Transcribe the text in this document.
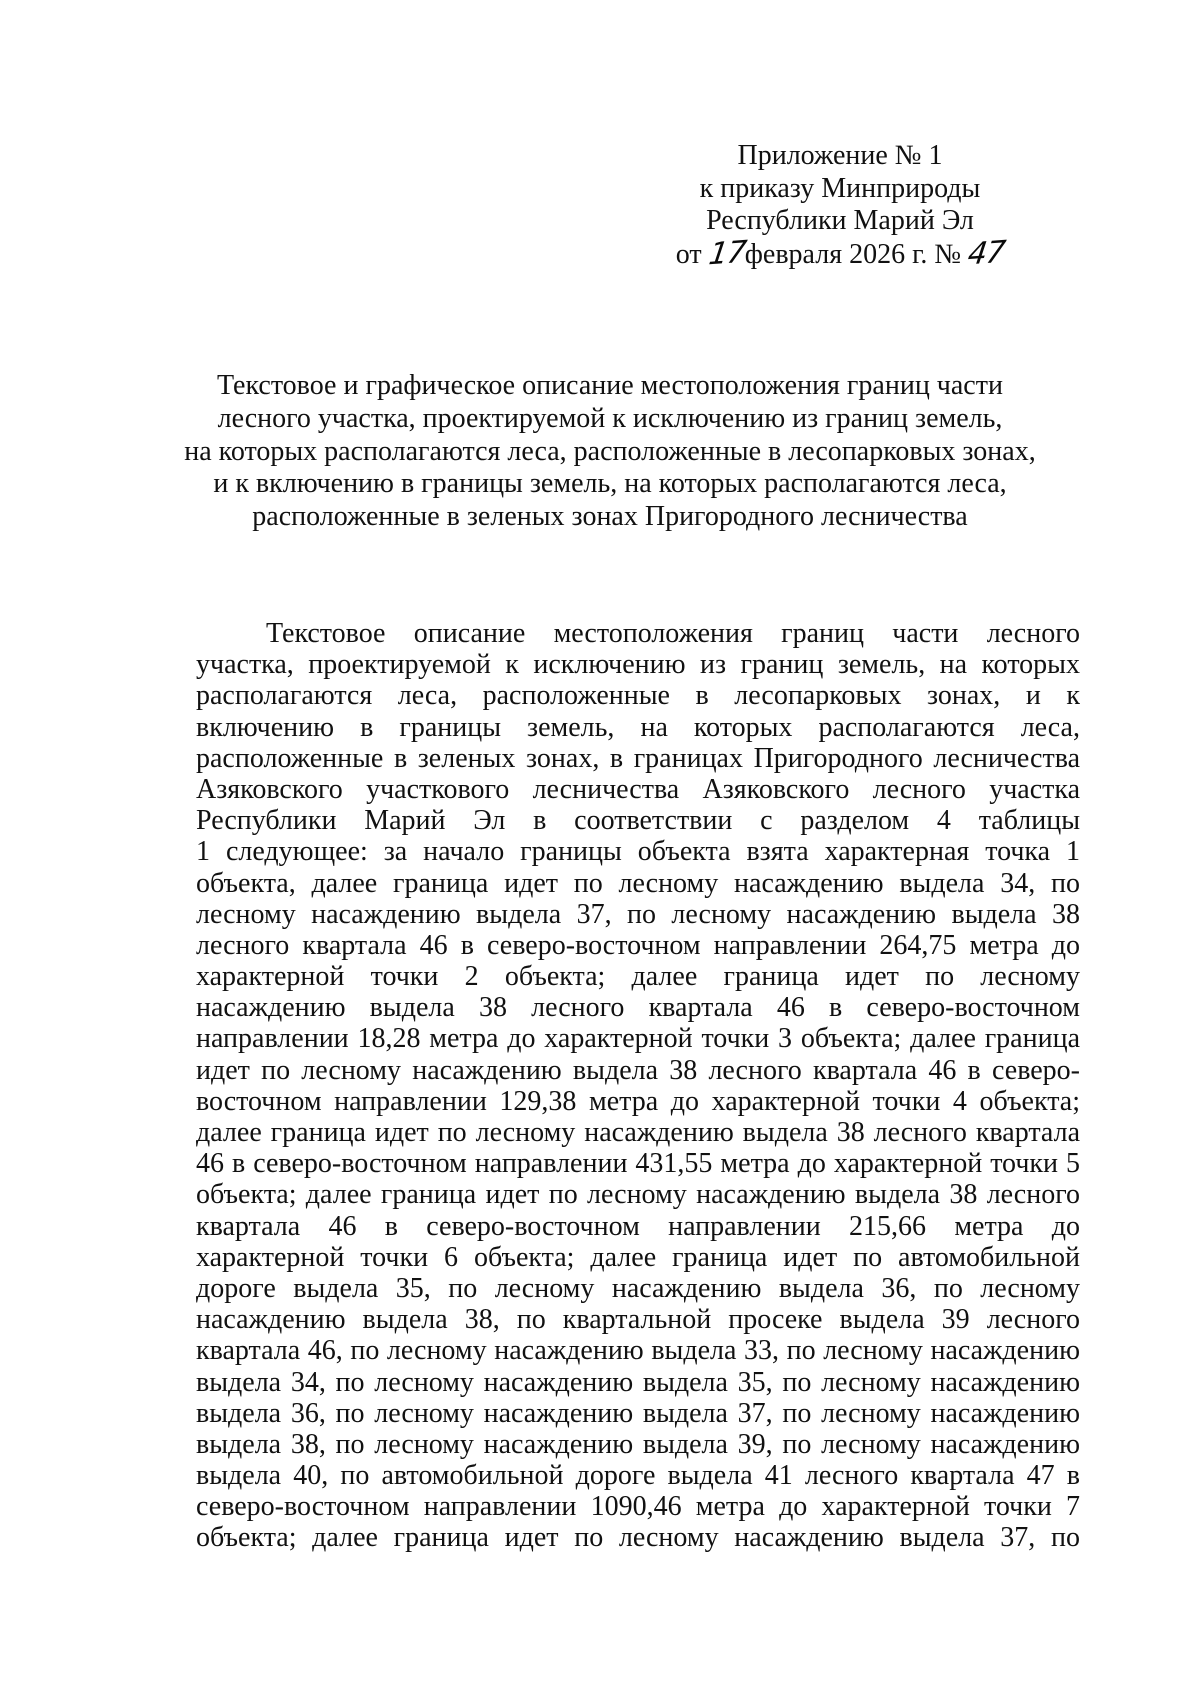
Приложение № 1
к приказу Минприроды
Республики Марий Эл
от 17февраля 2026 г. № 47
Текстовое и графическое описание местоположения границ части
лесного участка, проектируемой к исключению из границ земель,
на которых располагаются леса, расположенные в лесопарковых зонах,
и к включению в границы земель, на которых располагаются леса,
расположенные в зеленых зонах Пригородного лесничества
Текстовое описание местоположения границ части лесного
участка, проектируемой к исключению из границ земель, на которых
располагаются леса, расположенные в лесопарковых зонах, и к
включению в границы земель, на которых располагаются леса,
расположенные в зеленых зонах, в границах Пригородного лесничества
Азяковского участкового лесничества Азяковского лесного участка
Республики Марий Эл в соответствии с разделом 4 таблицы
1 следующее: за начало границы объекта взята характерная точка 1
объекта, далее граница идет по лесному насаждению выдела 34, по
лесному насаждению выдела 37, по лесному насаждению выдела 38
лесного квартала 46 в северо-восточном направлении 264,75 метра до
характерной точки 2 объекта; далее граница идет по лесному
насаждению выдела 38 лесного квартала 46 в северо-восточном
направлении 18,28 метра до характерной точки 3 объекта; далее граница
идет по лесному насаждению выдела 38 лесного квартала 46 в северо-
восточном направлении 129,38 метра до характерной точки 4 объекта;
далее граница идет по лесному насаждению выдела 38 лесного квартала
46 в северо-восточном направлении 431,55 метра до характерной точки 5
объекта; далее граница идет по лесному насаждению выдела 38 лесного
квартала 46 в северо-восточном направлении 215,66 метра до
характерной точки 6 объекта; далее граница идет по автомобильной
дороге выдела 35, по лесному насаждению выдела 36, по лесному
насаждению выдела 38, по квартальной просеке выдела 39 лесного
квартала 46, по лесному насаждению выдела 33, по лесному насаждению
выдела 34, по лесному насаждению выдела 35, по лесному насаждению
выдела 36, по лесному насаждению выдела 37, по лесному насаждению
выдела 38, по лесному насаждению выдела 39, по лесному насаждению
выдела 40, по автомобильной дороге выдела 41 лесного квартала 47 в
северо-восточном направлении 1090,46 метра до характерной точки 7
объекта; далее граница идет по лесному насаждению выдела 37, по
